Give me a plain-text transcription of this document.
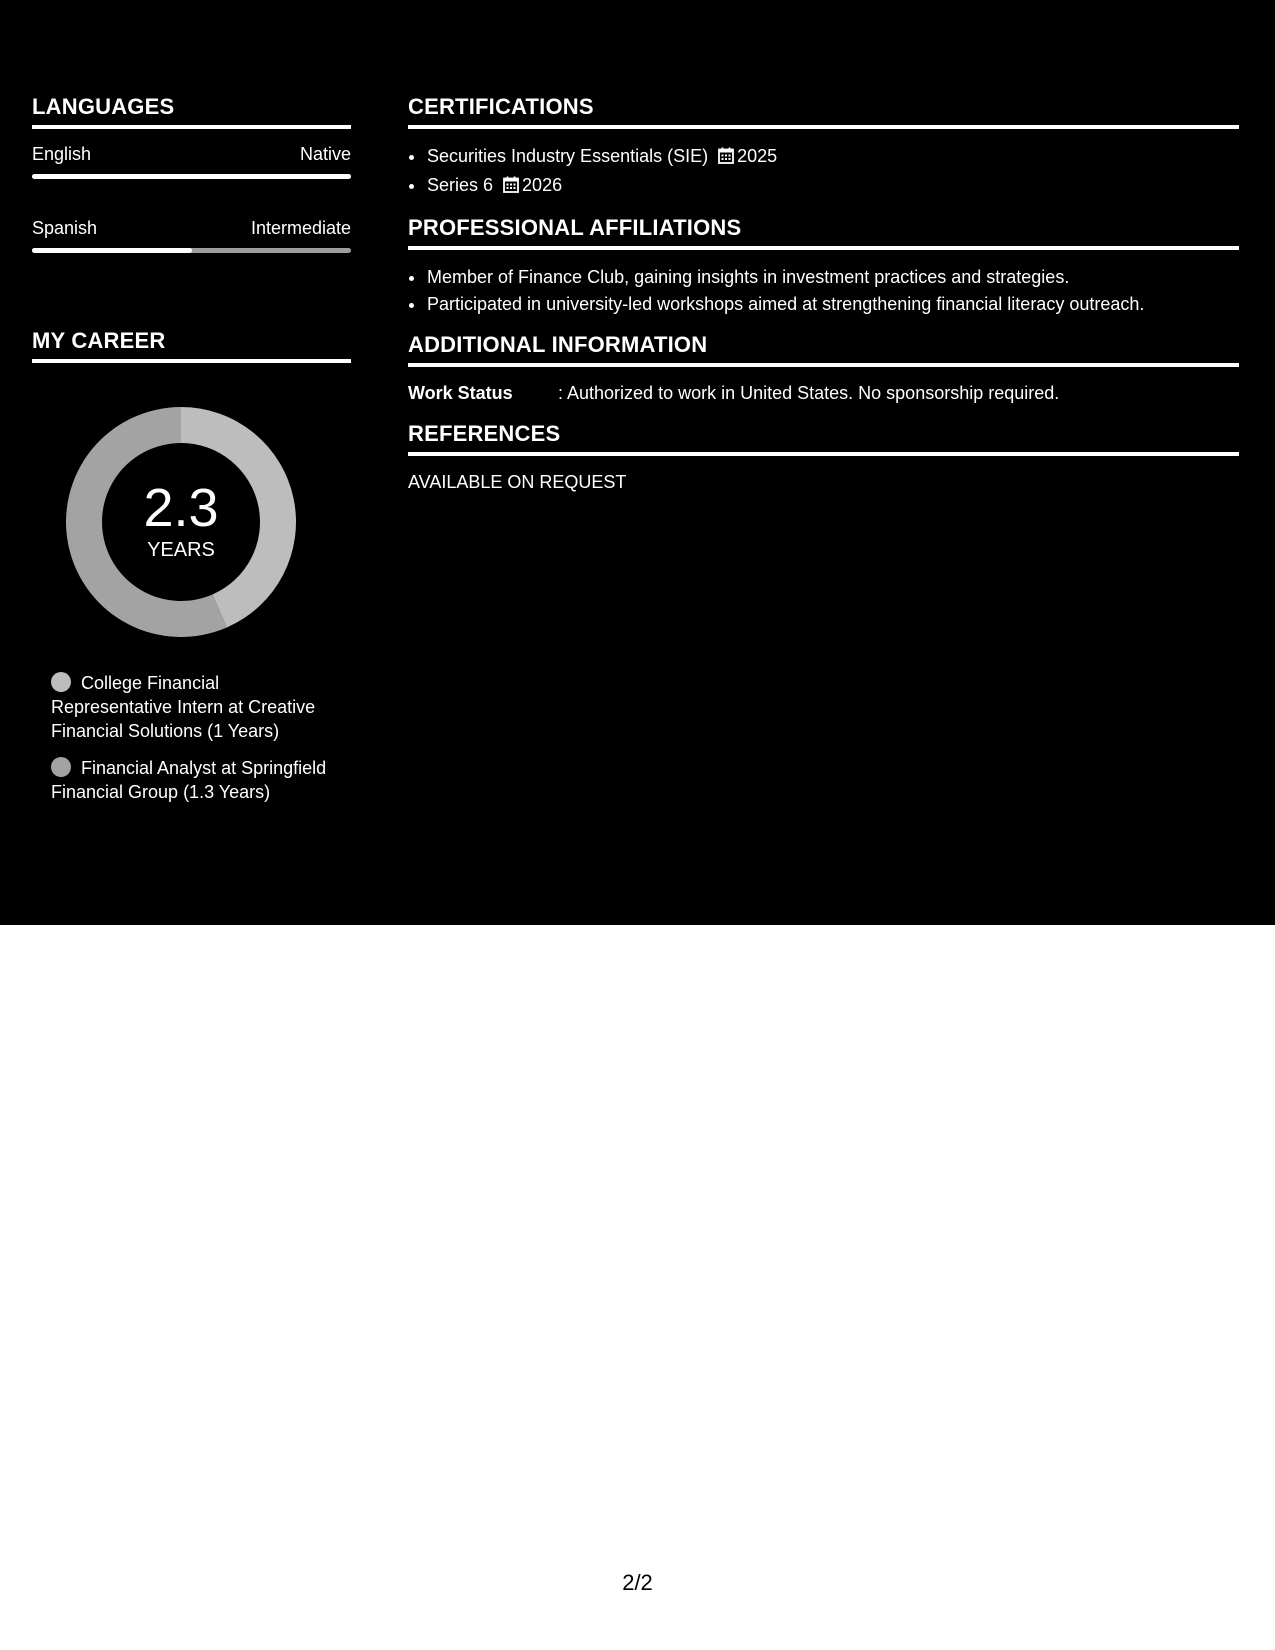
LANGUAGES
English	Native
Spanish	Intermediate
MY CAREER
2.3
YEARS
College Financial Representative Intern at Creative Financial Solutions (1 Years)
Financial Analyst at Springfield Financial Group (1.3 Years)
CERTIFICATIONS
• Securities Industry Essentials (SIE) 2025
• Series 6 2026
PROFESSIONAL AFFILIATIONS
• Member of Finance Club, gaining insights in investment practices and strategies.
• Participated in university-led workshops aimed at strengthening financial literacy outreach.
ADDITIONAL INFORMATION
Work Status	: Authorized to work in United States. No sponsorship required.
REFERENCES
AVAILABLE ON REQUEST
2/2
